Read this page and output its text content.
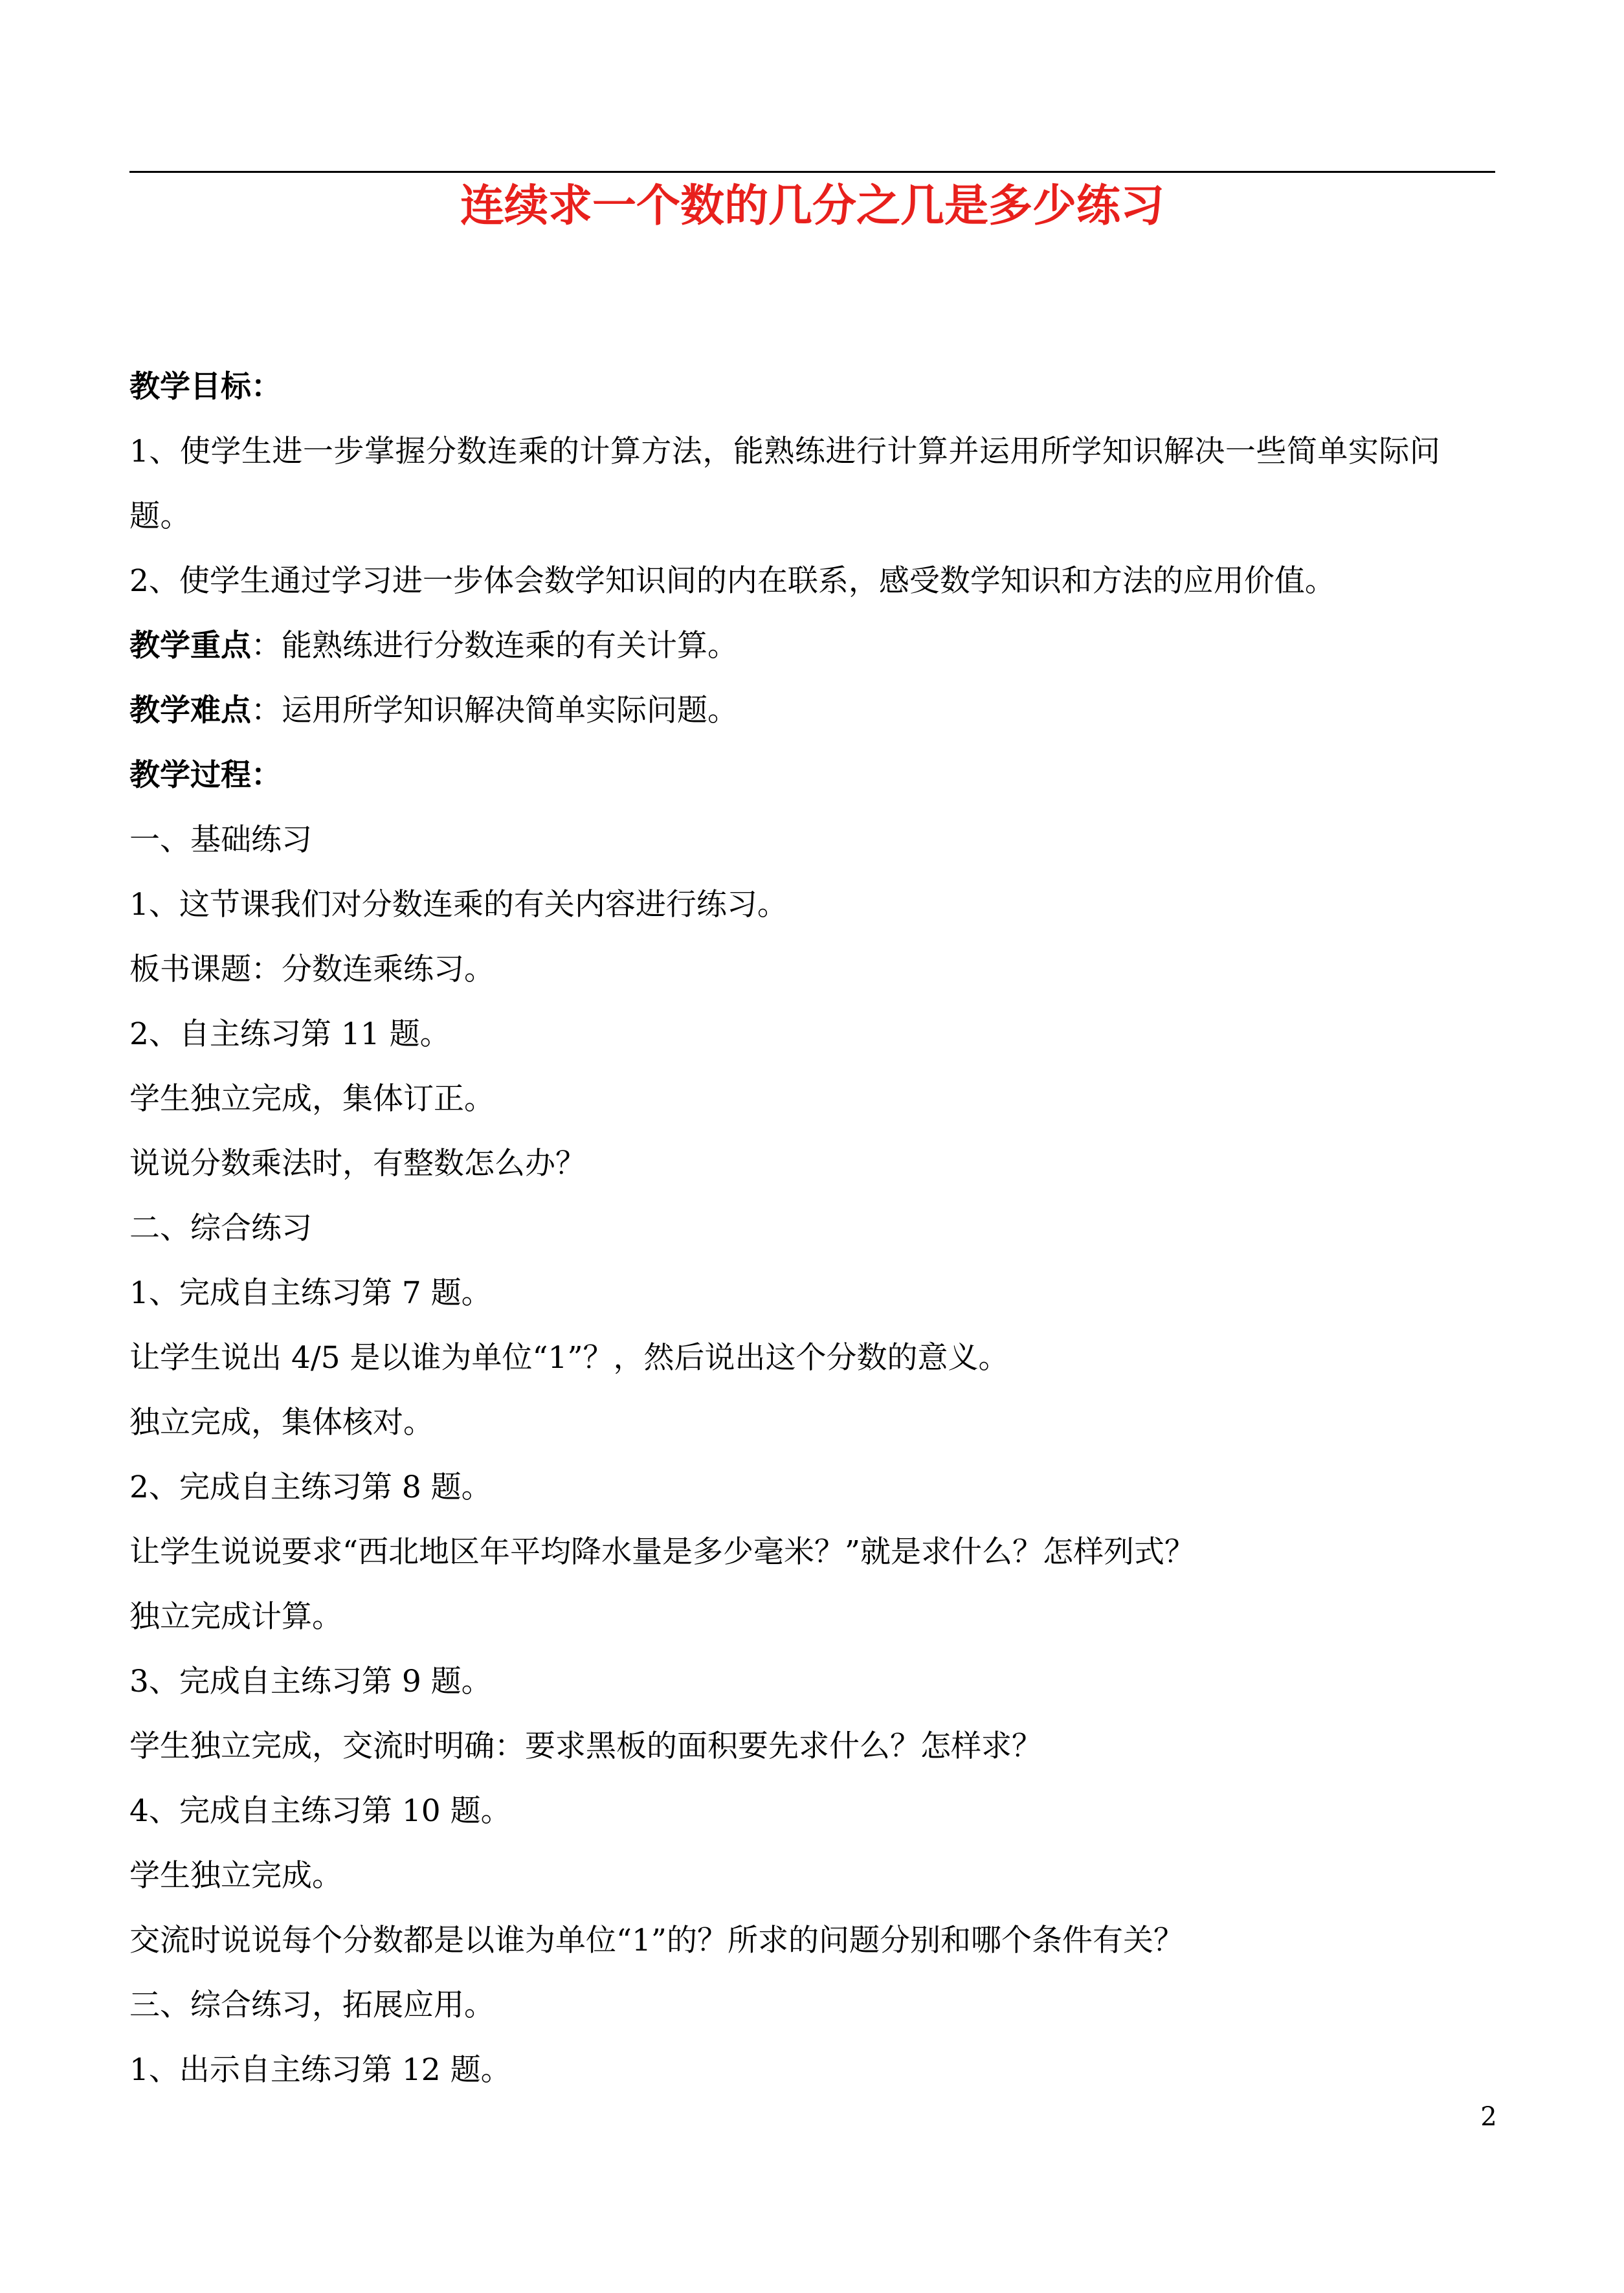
连续求一个数的几分之几是多少练习

教学目标：

1、使学生进一步掌握分数连乘的计算方法，能熟练进行计算并运用所学知识解决一些简单实际问题。

2、使学生通过学习进一步体会数学知识间的内在联系，感受数学知识和方法的应用价值。

教学重点：能熟练进行分数连乘的有关计算。

教学难点：运用所学知识解决简单实际问题。

教学过程：

一、基础练习

1、这节课我们对分数连乘的有关内容进行练习。

板书课题：分数连乘练习。

2、自主练习第 11 题。

学生独立完成，集体订正。

说说分数乘法时，有整数怎么办？

二、综合练习

1、完成自主练习第 7 题。

让学生说出 4/5 是以谁为单位“1”？，然后说出这个分数的意义。

独立完成，集体核对。

2、完成自主练习第 8 题。

让学生说说要求“西北地区年平均降水量是多少毫米？”就是求什么？怎样列式？

独立完成计算。

3、完成自主练习第 9 题。

学生独立完成，交流时明确：要求黑板的面积要先求什么？怎样求？

4、完成自主练习第 10 题。

学生独立完成。

交流时说说每个分数都是以谁为单位“1”的？所求的问题分别和哪个条件有关？

三、综合练习，拓展应用。

1、出示自主练习第 12 题。

2
